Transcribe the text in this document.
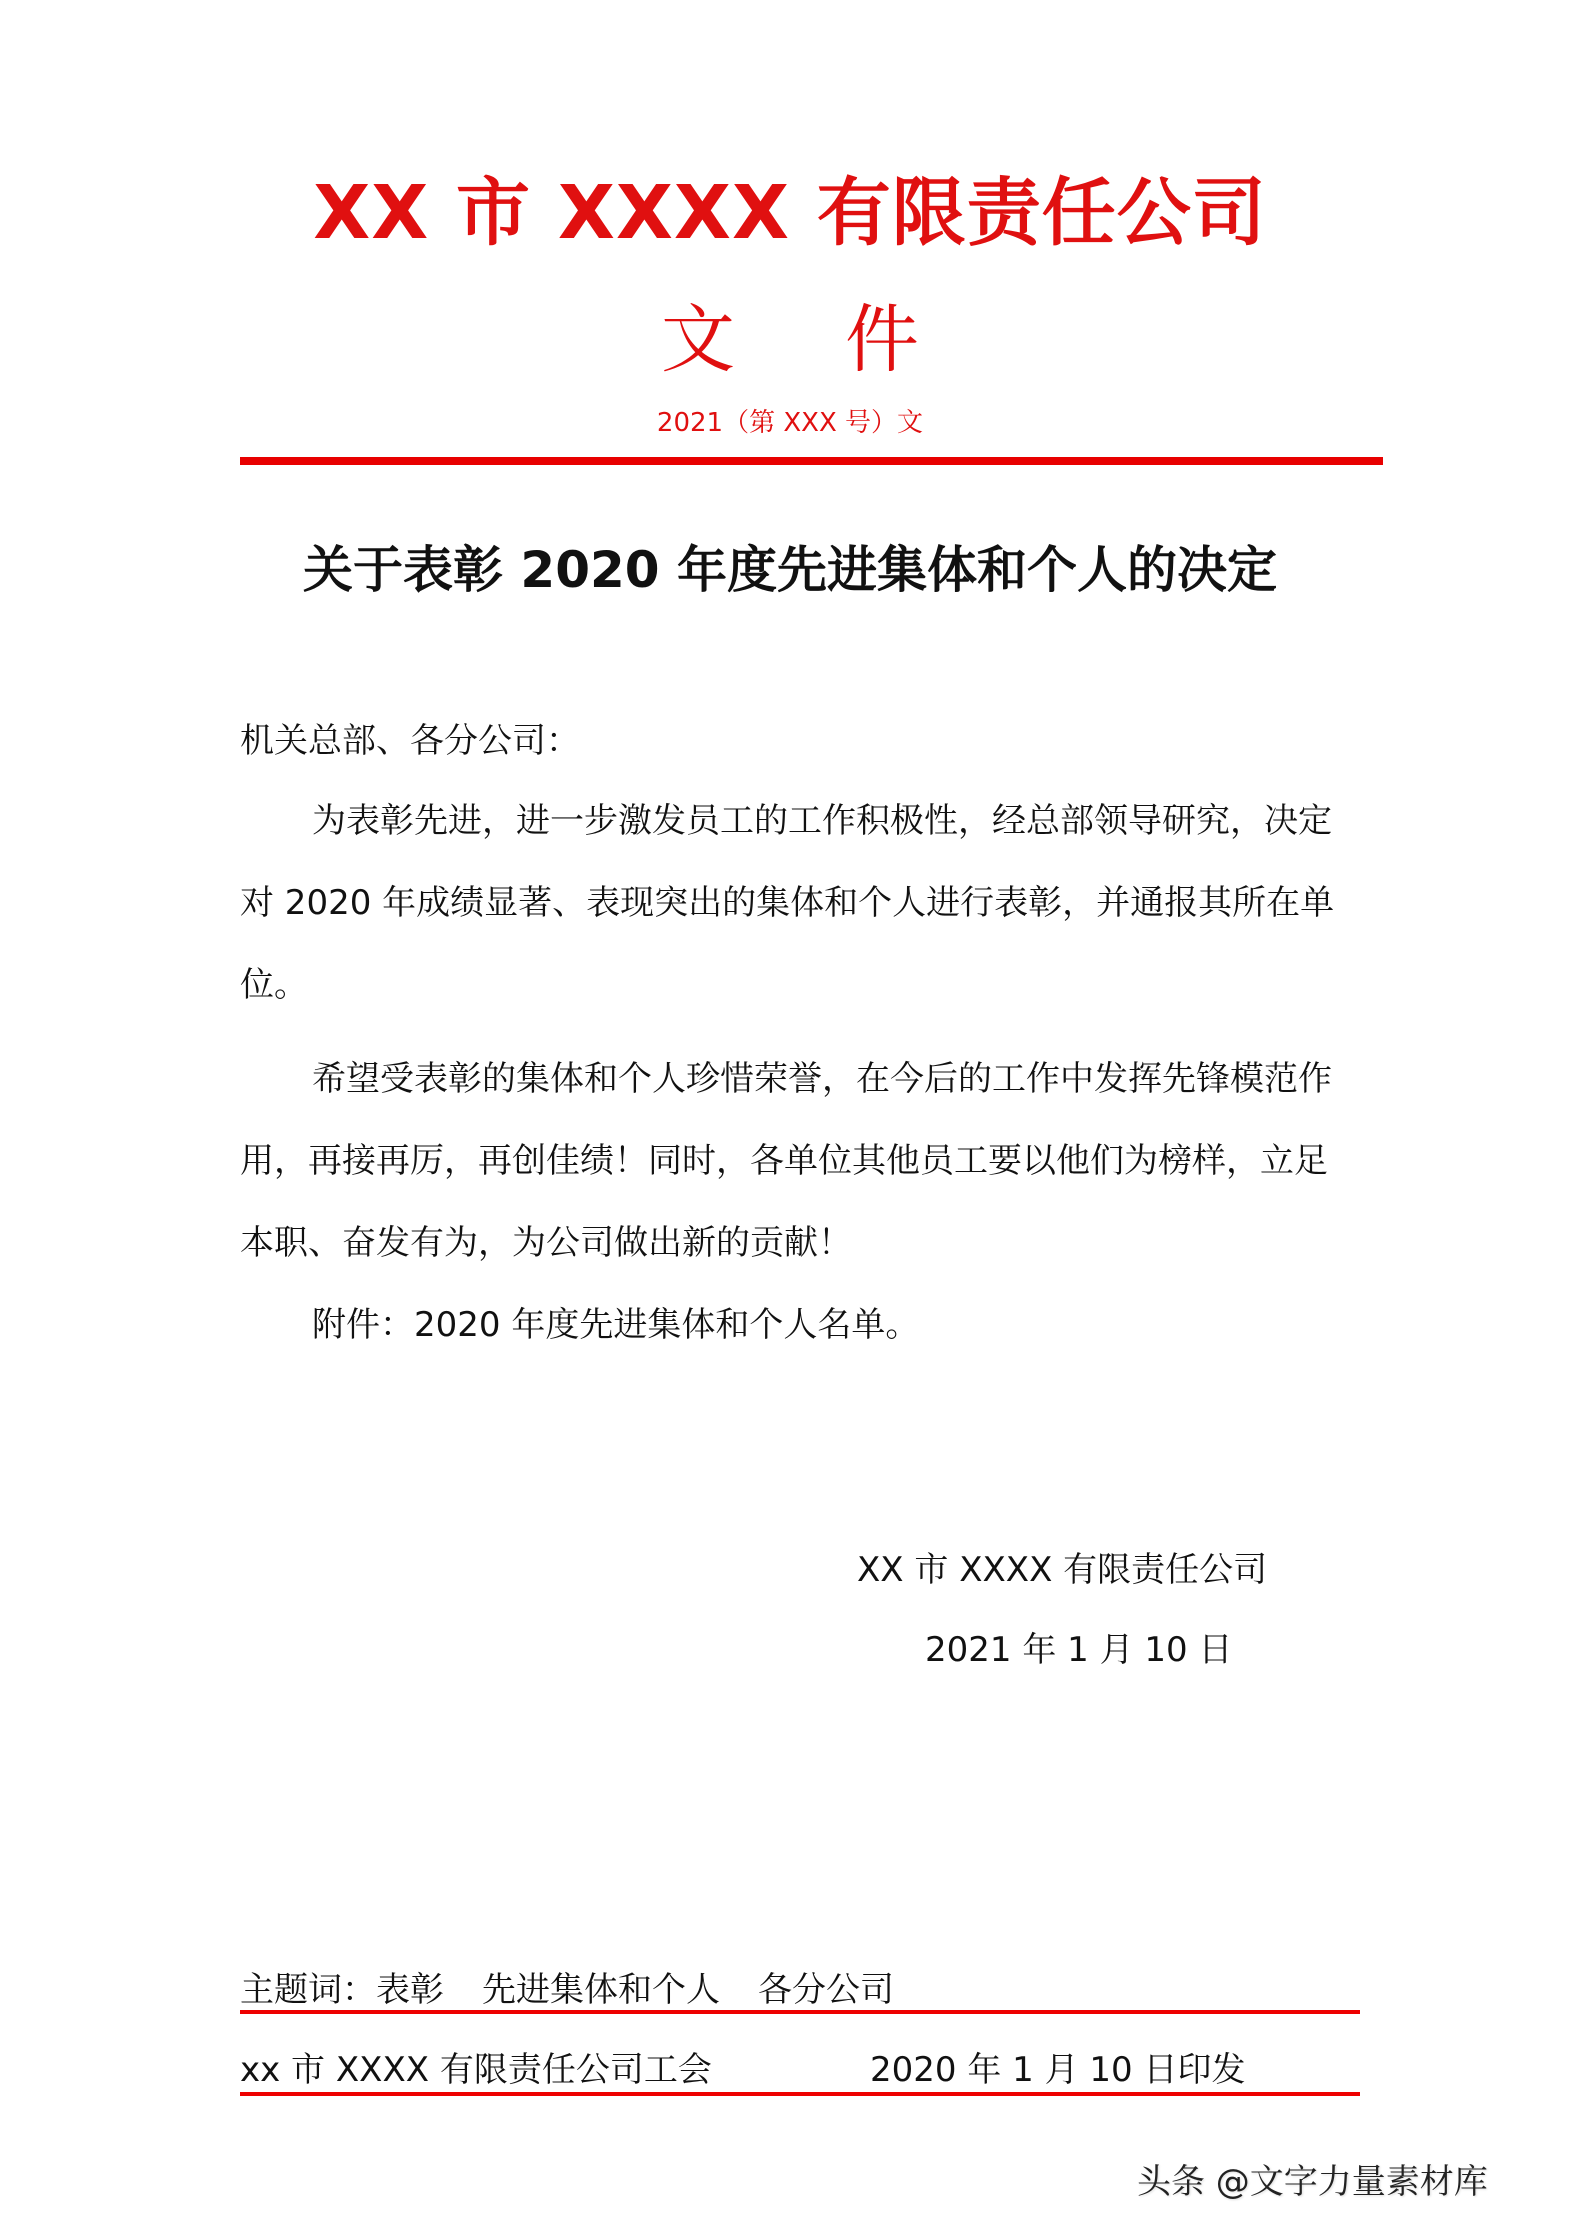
XX 市 XXXX 有限责任公司
文 件
2021（第 XXX 号）文
关于表彰 2020 年度先进集体和个人的决定
机关总部、各分公司：

为表彰先进，进一步激发员工的工作积极性，经总部领导研究，决定对 2020 年成绩显著、表现突出的集体和个人进行表彰，并通报其所在单位。

希望受表彰的集体和个人珍惜荣誉，在今后的工作中发挥先锋模范作用，再接再厉，再创佳绩！同时，各单位其他员工要以他们为榜样，立足本职、奋发有为，为公司做出新的贡献！

附件：2020 年度先进集体和个人名单。

XX 市 XXXX 有限责任公司
2021 年 1 月 10 日
主题词：表彰 先进集体和个人 各分公司
xx 市 XXXX 有限责任公司工会	2020 年 1 月 10 日印发
头条 @文字力量素材库
